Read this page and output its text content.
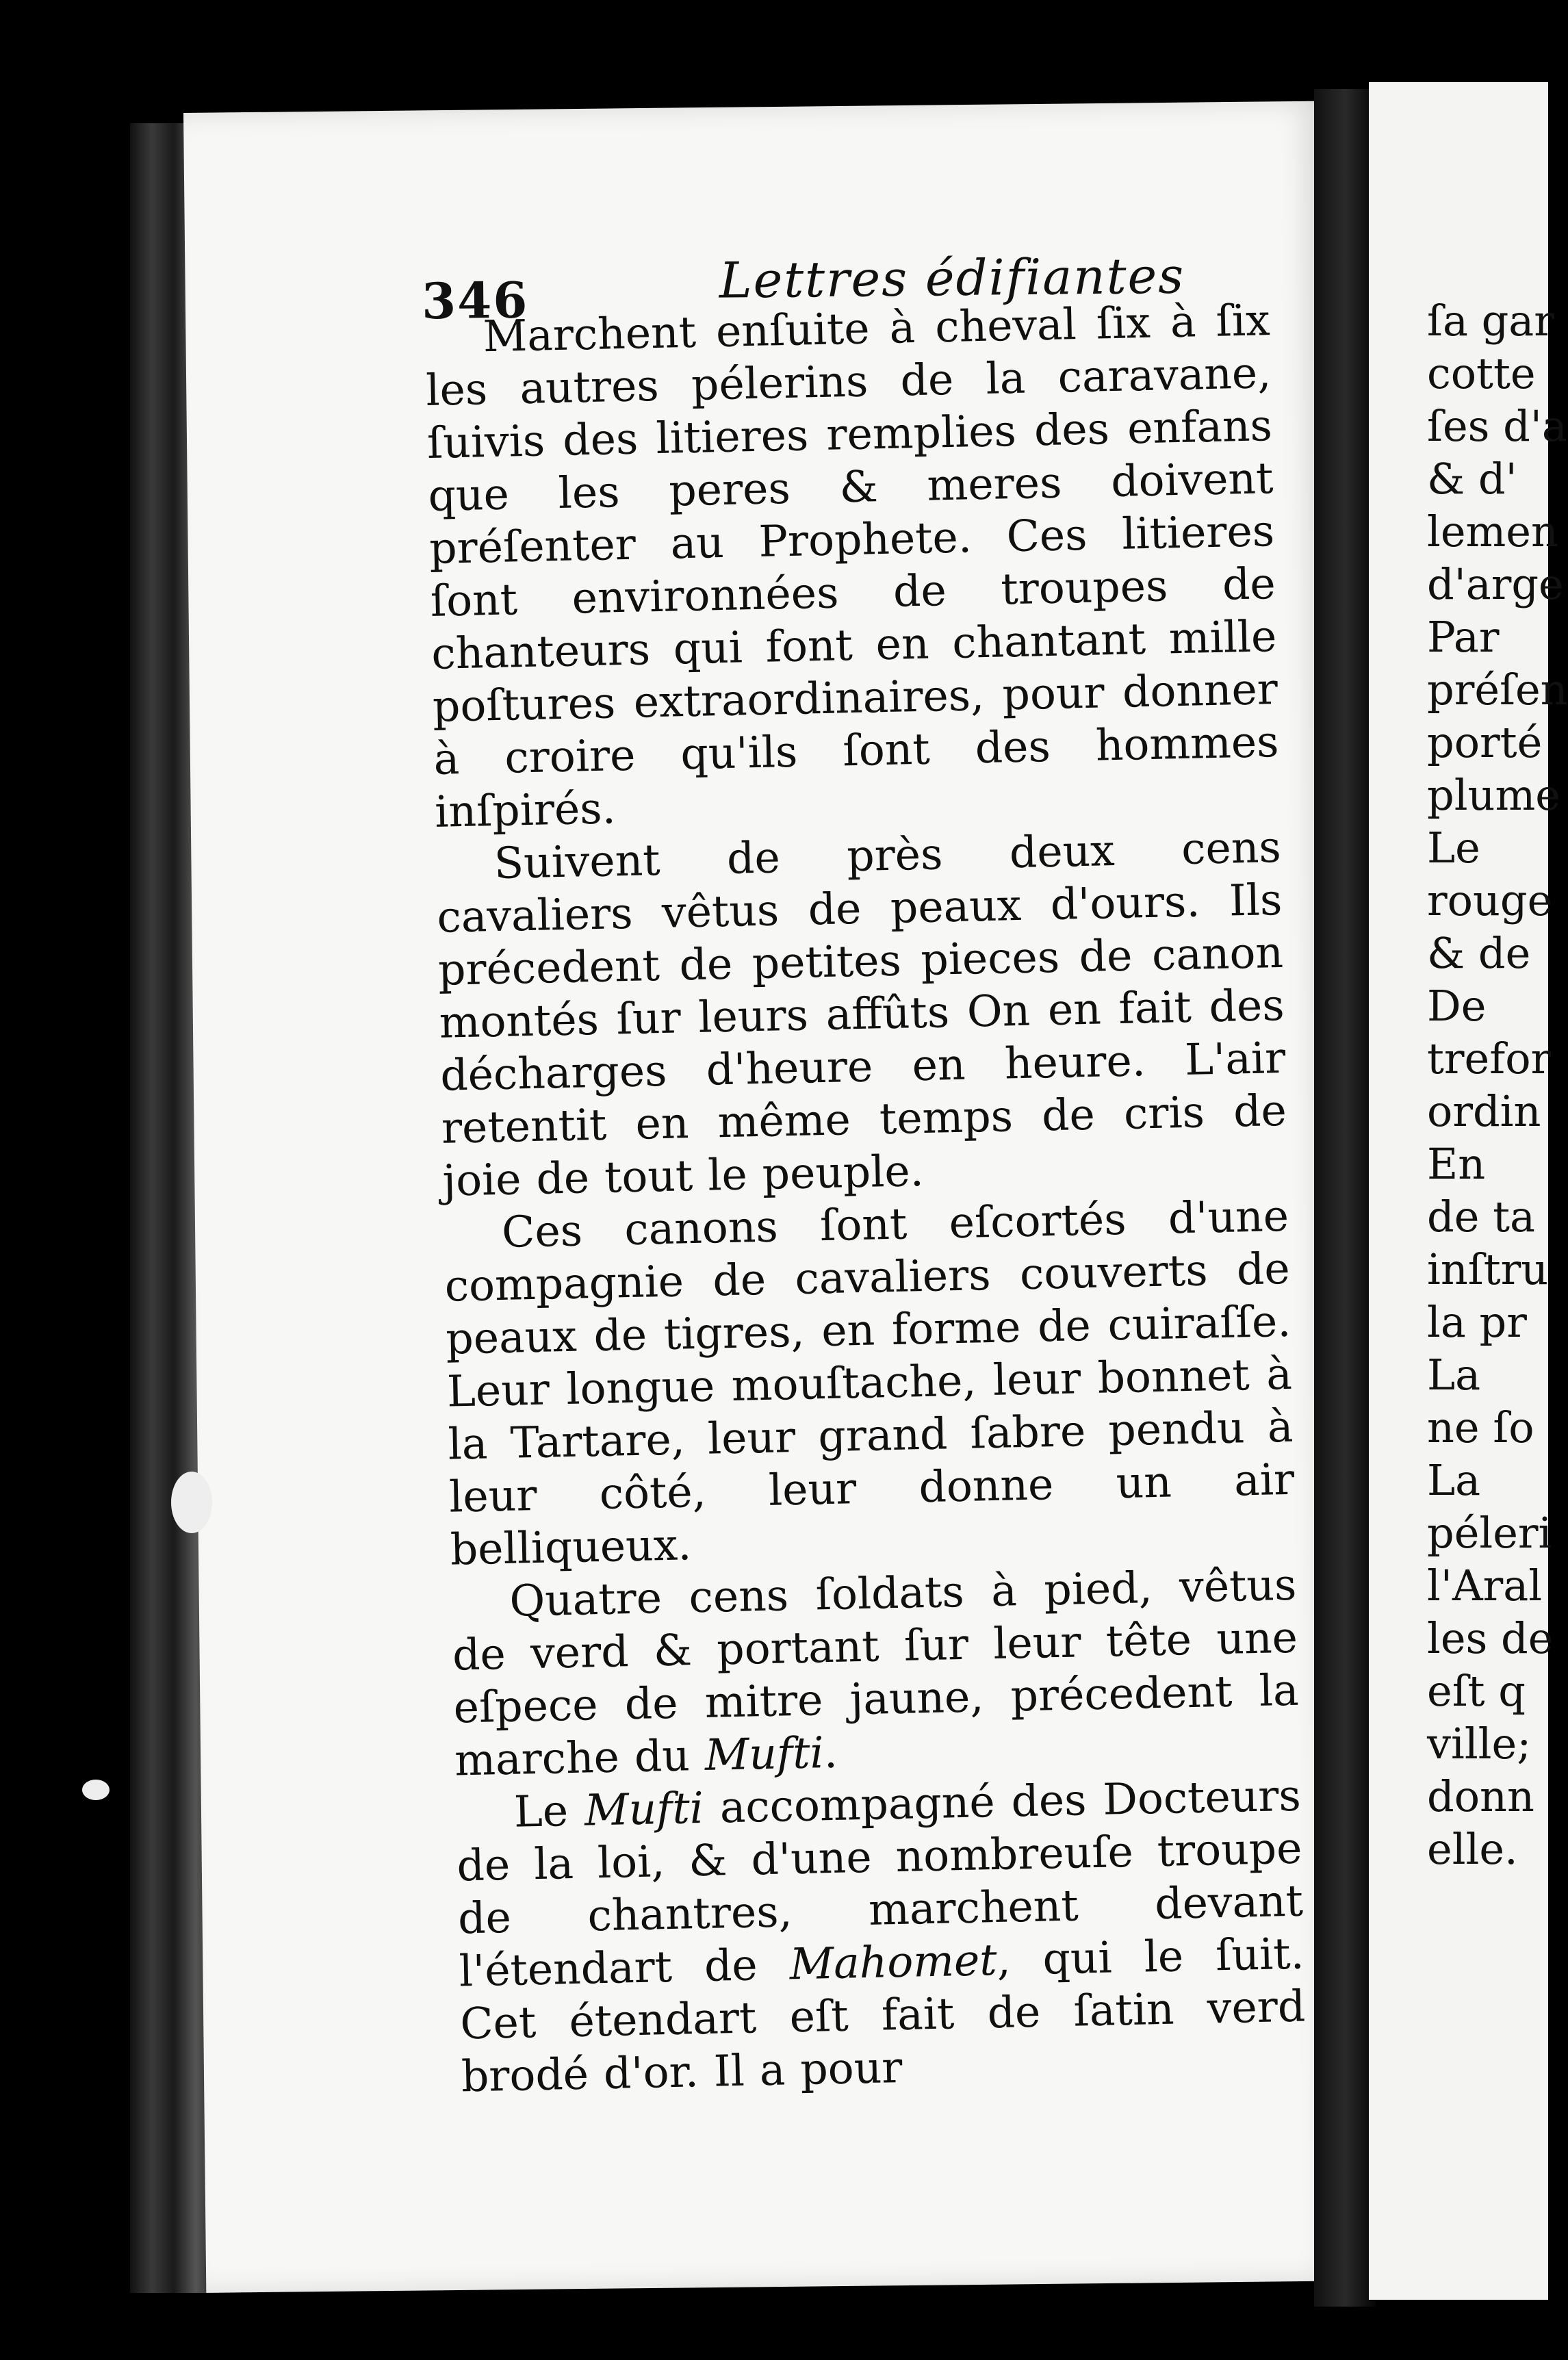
346	Lettres édifiantes

Marchent enſuite à cheval ſix à ſix les autres pélerins de la caravane, ſuivis des litieres remplies des enfans que les peres & meres doivent préſenter au Prophete. Ces litieres ſont environnées de troupes de chanteurs qui font en chantant mille poſtures extraordinaires, pour donner à croire qu'ils ſont des hommes inſpirés.

Suivent de près deux cens cavaliers vêtus de peaux d'ours. Ils précedent de petites pieces de canon montés ſur leurs affûts On en fait des décharges d'heure en heure. L'air retentit en même temps de cris de joie de tout le peuple.

Ces canons ſont eſcortés d'une compagnie de cavaliers couverts de peaux de tigres, en forme de cuiraſſe. Leur longue mouſtache, leur bonnet à la Tartare, leur grand ſabre pendu à leur côté, leur donne un air belliqueux.

Quatre cens ſoldats à pied, vêtus de verd & portant ſur leur tête une eſpece de mitre jaune, précedent la marche du Mufti.

Le Mufti accompagné des Docteurs de la loi, & d'une nombreuſe troupe de chantres, marchent devant l'étendart de Mahomet, qui le ſuit. Cet étendart eſt fait de ſatin verd brodé d'or. Il a pour

ſa gar

cotte

ſes d'a

& d'

lemen

d'arge

Par

préſen

porté

plume

Le

rouge

& de

De

trefor

ordin

En

de ta

inſtru

la pr

La

ne ſo

La

péleri

l'Aral

les de

eſt q

ville;

donn

elle.
